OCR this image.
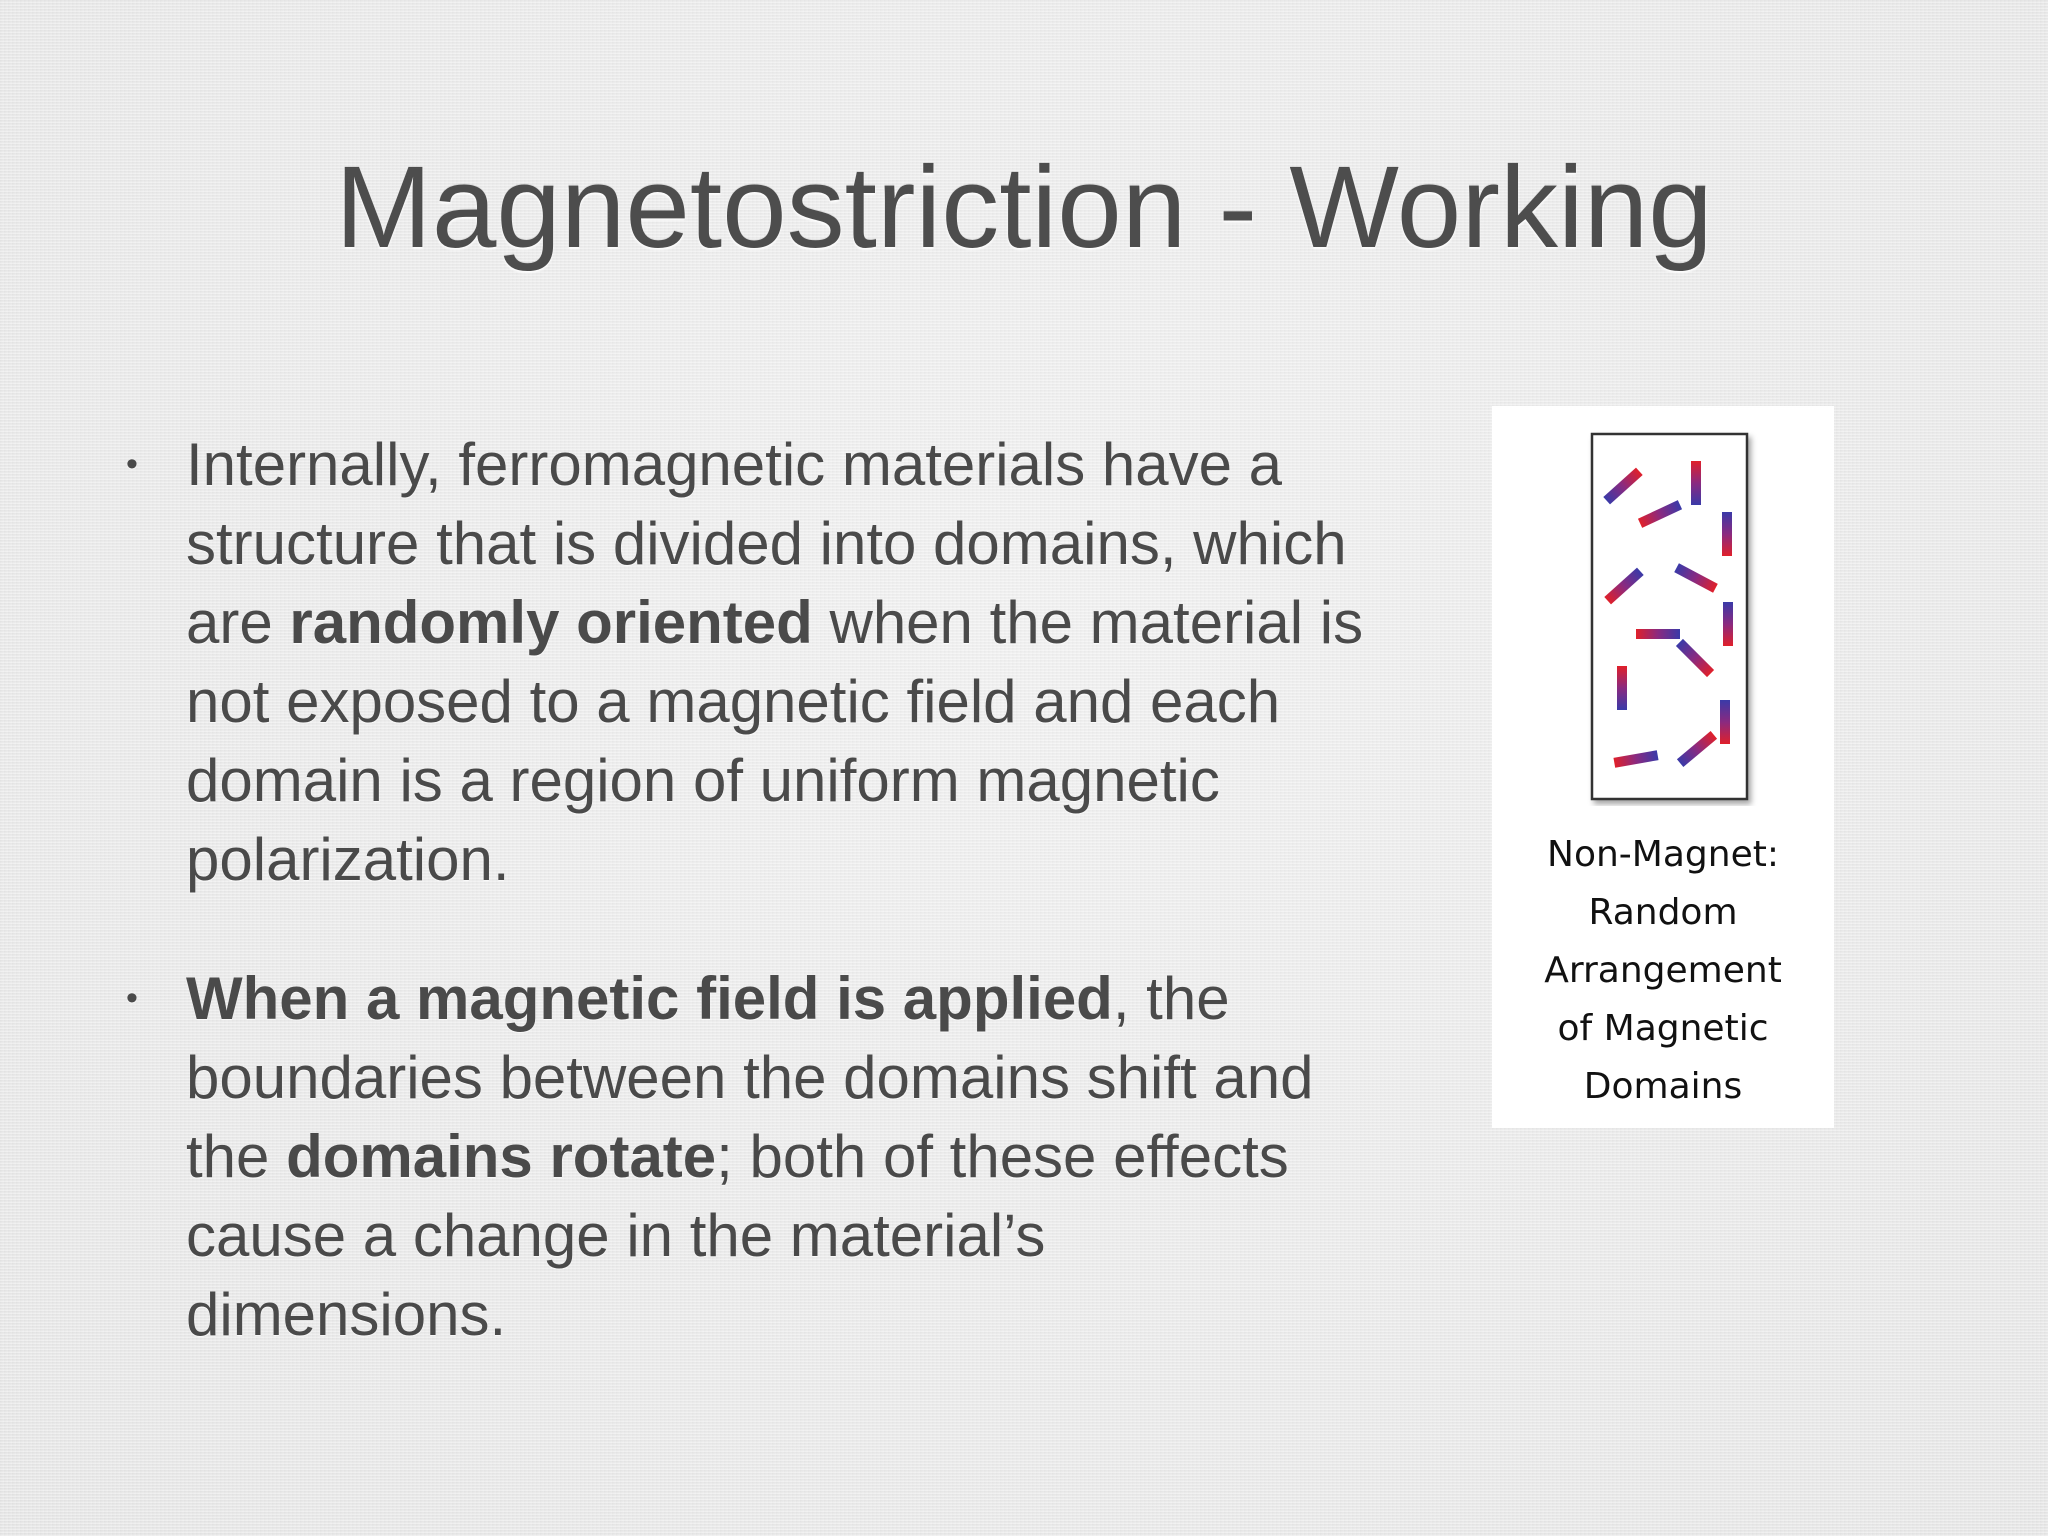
Magnetostriction - Working
• Internally, ferromagnetic materials have a structure that is divided into domains, which are randomly oriented when the material is not exposed to a magnetic field and each domain is a region of uniform magnetic polarization.
• When a magnetic field is applied, the boundaries between the domains shift and the domains rotate; both of these effects cause a change in the material’s dimensions.
Non-Magnet:
Random
Arrangement
of Magnetic
Domains
